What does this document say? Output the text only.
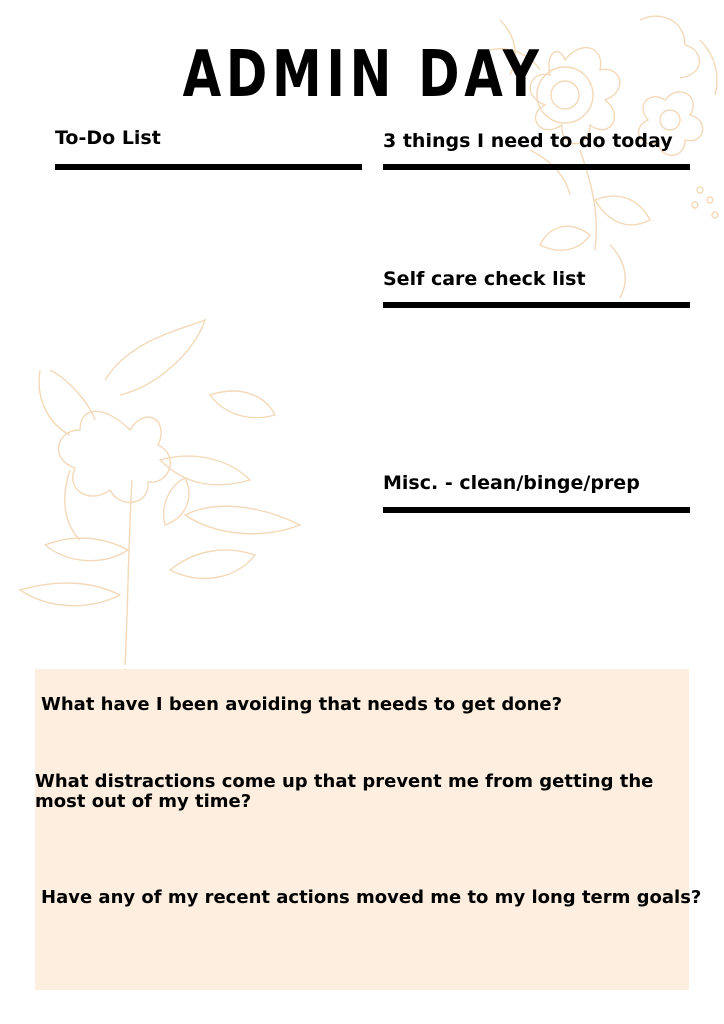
ADMIN DAY
To-Do List	3 things I need to do today
Self care check list
Misc. - clean/binge/prep
What have I been avoiding that needs to get done?
What distractions come up that prevent me from getting the most out of my time?
Have any of my recent actions moved me to my long term goals?
